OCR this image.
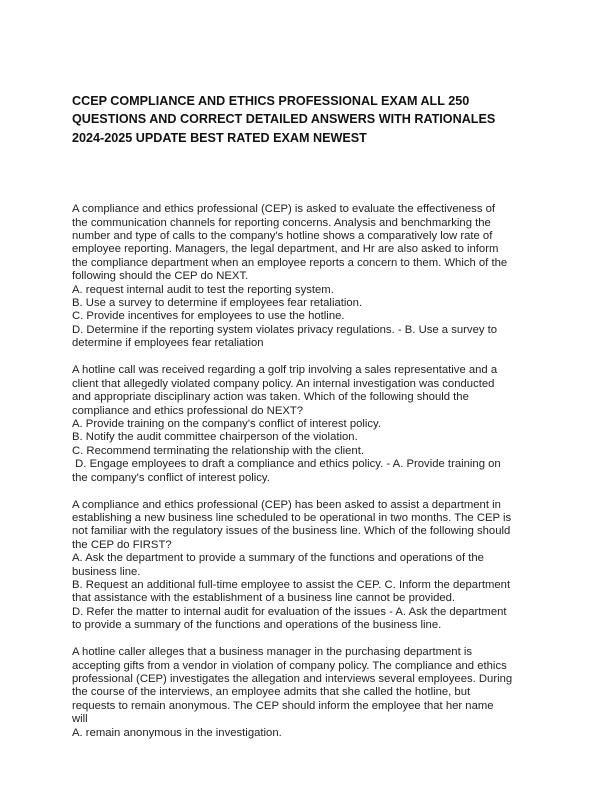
CCEP COMPLIANCE AND ETHICS PROFESSIONAL EXAM ALL 250
QUESTIONS AND CORRECT DETAILED ANSWERS WITH RATIONALES
2024-2025 UPDATE BEST RATED EXAM NEWEST
A compliance and ethics professional (CEP) is asked to evaluate the effectiveness of
the communication channels for reporting concerns. Analysis and benchmarking the
number and type of calls to the company's hotline shows a comparatively low rate of
employee reporting. Managers, the legal department, and Hr are also asked to inform
the compliance department when an employee reports a concern to them. Which of the
following should the CEP do NEXT.
A. request internal audit to test the reporting system.
B. Use a survey to determine if employees fear retaliation.
C. Provide incentives for employees to use the hotline.
D. Determine if the reporting system violates privacy regulations. - B. Use a survey to
determine if employees fear retaliation
A hotline call was received regarding a golf trip involving a sales representative and a
client that allegedly violated company policy. An internal investigation was conducted
and appropriate disciplinary action was taken. Which of the following should the
compliance and ethics professional do NEXT?
A. Provide training on the company's conflict of interest policy.
B. Notify the audit committee chairperson of the violation.
C. Recommend terminating the relationship with the client.
D. Engage employees to draft a compliance and ethics policy. - A. Provide training on
the company's conflict of interest policy.
A compliance and ethics professional (CEP) has been asked to assist a department in
establishing a new business line scheduled to be operational in two months. The CEP is
not familiar with the regulatory issues of the business line. Which of the following should
the CEP do FIRST?
A. Ask the department to provide a summary of the functions and operations of the
business line.
B. Request an additional full-time employee to assist the CEP. C. Inform the department
that assistance with the establishment of a business line cannot be provided.
D. Refer the matter to internal audit for evaluation of the issues - A. Ask the department
to provide a summary of the functions and operations of the business line.
A hotline caller alleges that a business manager in the purchasing department is
accepting gifts from a vendor in violation of company policy. The compliance and ethics
professional (CEP) investigates the allegation and interviews several employees. During
the course of the interviews, an employee admits that she called the hotline, but
requests to remain anonymous. The CEP should inform the employee that her name
will
A. remain anonymous in the investigation.
